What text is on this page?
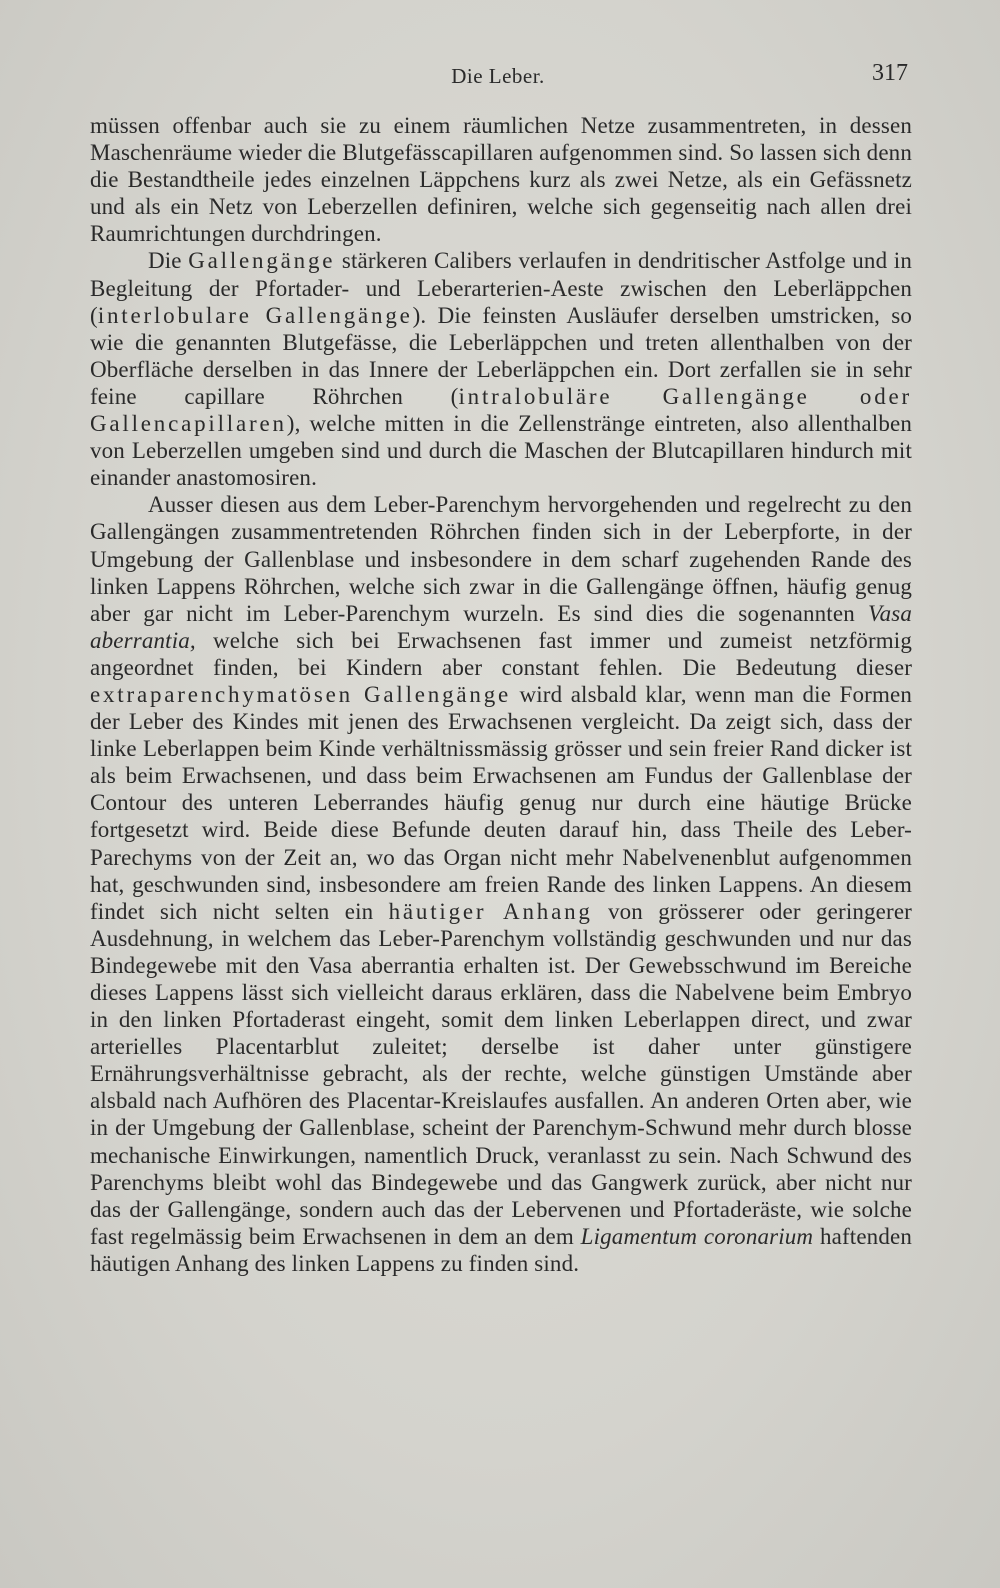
Die Leber.	317

müssen offenbar auch sie zu einem räumlichen Netze zusammentreten, in dessen Maschenräume wieder die Blutgefässcapillaren aufgenommen sind. So lassen sich denn die Bestandtheile jedes einzelnen Läppchens kurz als zwei Netze, als ein Gefässnetz und als ein Netz von Leberzellen definiren, welche sich gegenseitig nach allen drei Raumrichtungen durchdringen.

Die Gallengänge stärkeren Calibers verlaufen in dendritischer Astfolge und in Begleitung der Pfortader- und Leberarterien-Aeste zwischen den Leberläppchen (interlobulare Gallengänge). Die feinsten Ausläufer derselben umstricken, so wie die genannten Blutgefässe, die Leberläppchen und treten allenthalben von der Oberfläche derselben in das Innere der Leberläppchen ein. Dort zerfallen sie in sehr feine capillare Röhrchen (intralobuläre Gallengänge oder Gallencapillaren), welche mitten in die Zellenstränge eintreten, also allenthalben von Leberzellen umgeben sind und durch die Maschen der Blutcapillaren hindurch mit einander anastomosiren.

Ausser diesen aus dem Leber-Parenchym hervorgehenden und regelrecht zu den Gallengängen zusammentretenden Röhrchen finden sich in der Leberpforte, in der Umgebung der Gallenblase und insbesondere in dem scharf zugehenden Rande des linken Lappens Röhrchen, welche sich zwar in die Gallengänge öffnen, häufig genug aber gar nicht im Leber-Parenchym wurzeln. Es sind dies die sogenannten Vasa aberrantia, welche sich bei Erwachsenen fast immer und zumeist netzförmig angeordnet finden, bei Kindern aber constant fehlen. Die Bedeutung dieser extraparenchymatösen Gallengänge wird alsbald klar, wenn man die Formen der Leber des Kindes mit jenen des Erwachsenen vergleicht. Da zeigt sich, dass der linke Leberlappen beim Kinde verhältnissmässig grösser und sein freier Rand dicker ist als beim Erwachsenen, und dass beim Erwachsenen am Fundus der Gallenblase der Contour des unteren Leberrandes häufig genug nur durch eine häutige Brücke fortgesetzt wird. Beide diese Befunde deuten darauf hin, dass Theile des Leber-Parechyms von der Zeit an, wo das Organ nicht mehr Nabelvenenblut aufgenommen hat, geschwunden sind, insbesondere am freien Rande des linken Lappens. An diesem findet sich nicht selten ein häutiger Anhang von grösserer oder geringerer Ausdehnung, in welchem das Leber-Parenchym vollständig geschwunden und nur das Bindegewebe mit den Vasa aberrantia erhalten ist. Der Gewebsschwund im Bereiche dieses Lappens lässt sich vielleicht daraus erklären, dass die Nabelvene beim Embryo in den linken Pfortaderast eingeht, somit dem linken Leberlappen direct, und zwar arterielles Placentarblut zuleitet; derselbe ist daher unter günstigere Ernährungsverhältnisse gebracht, als der rechte, welche günstigen Umstände aber alsbald nach Aufhören des Placentar-Kreislaufes ausfallen. An anderen Orten aber, wie in der Umgebung der Gallenblase, scheint der Parenchym-Schwund mehr durch blosse mechanische Einwirkungen, namentlich Druck, veranlasst zu sein. Nach Schwund des Parenchyms bleibt wohl das Bindegewebe und das Gangwerk zurück, aber nicht nur das der Gallengänge, sondern auch das der Lebervenen und Pfortaderäste, wie solche fast regelmässig beim Erwachsenen in dem an dem Ligamentum coronarium haftenden häutigen Anhang des linken Lappens zu finden sind.
